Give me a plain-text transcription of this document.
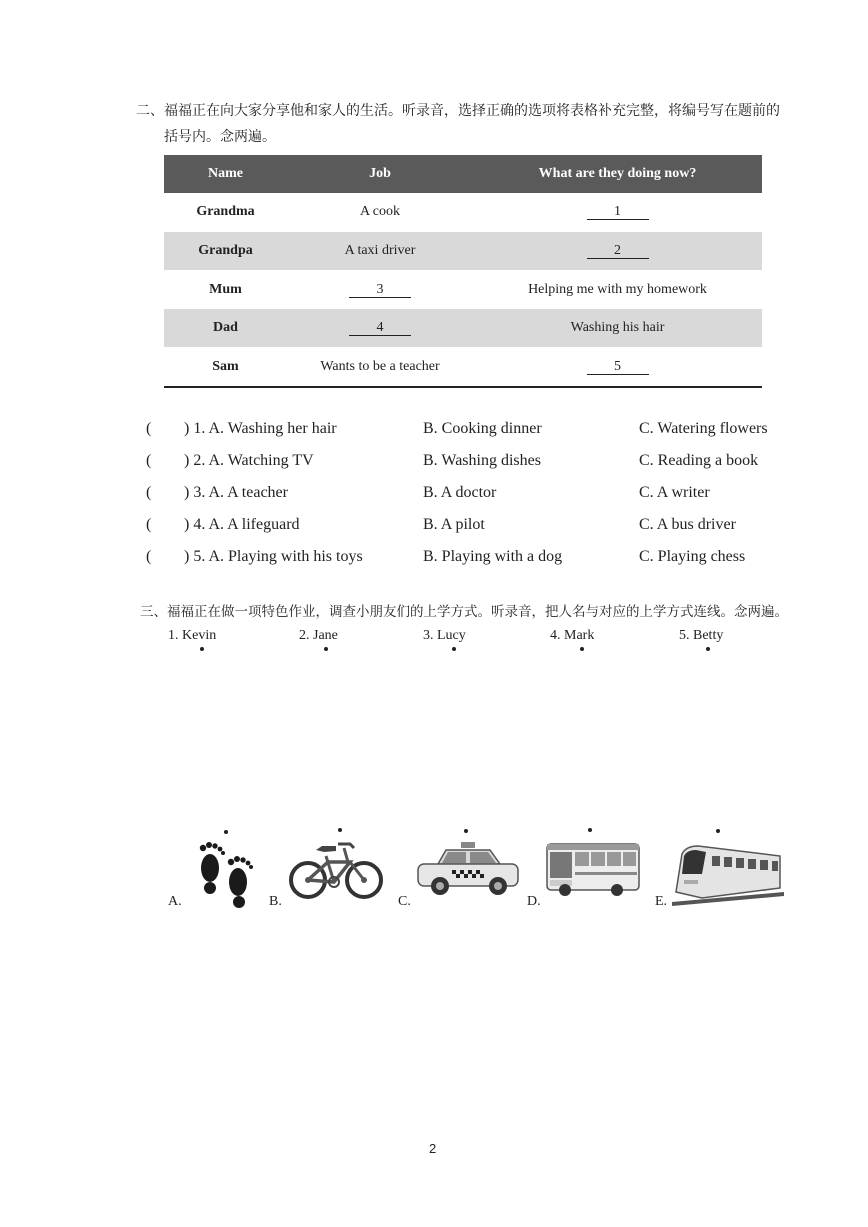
二、福福正在向大家分享他和家人的生活。听录音，选择正确的选项将表格补充完整，将编号写在题前的
括号内。念两遍。
Name	Job	What are they doing now?
Grandma	A cook	1
Grandpa	A taxi driver	2
Mum	3	Helping me with my homework
Dad	4	Washing his hair
Sam	Wants to be a teacher	5
( ) 1. A. Washing her hair	B. Cooking dinner	C. Watering flowers
( ) 2. A. Watching TV	B. Washing dishes	C. Reading a book
( ) 3. A. A teacher	B. A doctor	C. A writer
( ) 4. A. A lifeguard	B. A pilot	C. A bus driver
( ) 5. A. Playing with his toys	B. Playing with a dog	C. Playing chess
三、福福正在做一项特色作业，调查小朋友们的上学方式。听录音，把人名与对应的上学方式连线。念两遍。
1. Kevin	2. Jane	3. Lucy	4. Mark	5. Betty
A.	B.	C.	D.	E.
2
